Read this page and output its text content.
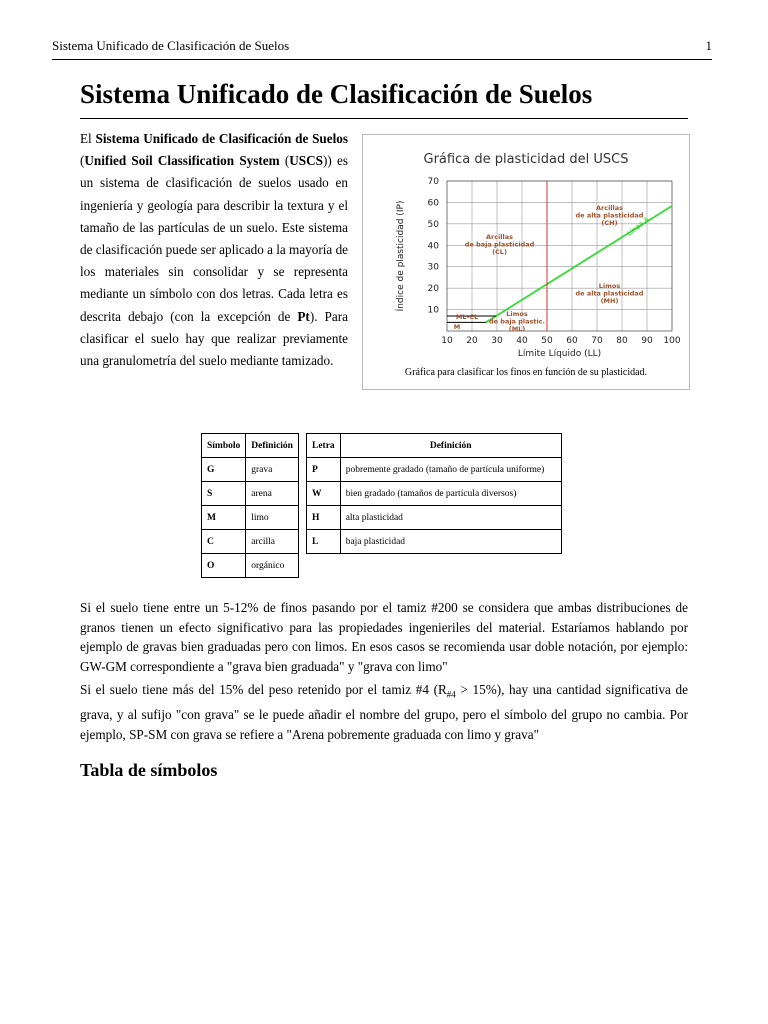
Sistema Unificado de Clasificación de Suelos	1
Sistema Unificado de Clasificación de Suelos

El Sistema Unificado de Clasificación de Suelos (Unified Soil Classification System (USCS)) es un sistema de clasificación de suelos usado en ingeniería y geología para describir la textura y el tamaño de las partículas de un suelo. Este sistema de clasificación puede ser aplicado a la mayoría de los materiales sin consolidar y se representa mediante un símbolo con dos letras. Cada letra es descrita debajo (con la excepción de Pt). Para clasificar el suelo hay que realizar previamente una granulometría del suelo mediante tamizado.

Gráfica de plasticidad del USCS
10 20 30 40 50 60 70 80 90 100
10
20
30
40
50
60
70
Límite Líquido (LL)
Índice de plasticidad (IP)	Arcillas de alta plasticidad (CH)
Arcillas de baja plasticidad (CL)
Limos de alta plasticidad (MH)
Limos de baja plastic. (ML)
ML-CL
M
Línea A
Gráfica para clasificar los finos en función de su plasticidad.
Símbolo	Definición
G	grava
S	arena
M	limo
C	arcilla
O	orgánico
Letra	Definición
P	pobremente gradado (tamaño de partícula uniforme)
W	bien gradado (tamaños de partícula diversos)
H	alta plasticidad
L	baja plasticidad

Si el suelo tiene entre un 5-12% de finos pasando por el tamiz #200 se considera que ambas distribuciones de granos tienen un efecto significativo para las propiedades ingenieriles del material. Estaríamos hablando por ejemplo de gravas bien graduadas pero con limos. En esos casos se recomienda usar doble notación, por ejemplo: GW-GM correspondiente a "grava bien graduada" y "grava con limo"

Si el suelo tiene más del 15% del peso retenido por el tamiz #4 $(R_{\#4} > 15\%)$, hay una cantidad significativa de grava, y al sufijo "con grava" se le puede añadir el nombre del grupo, pero el símbolo del grupo no cambia. Por ejemplo, SP-SM con grava se refiere a "Arena pobremente graduada con limo y grava"

Tabla de símbolos
